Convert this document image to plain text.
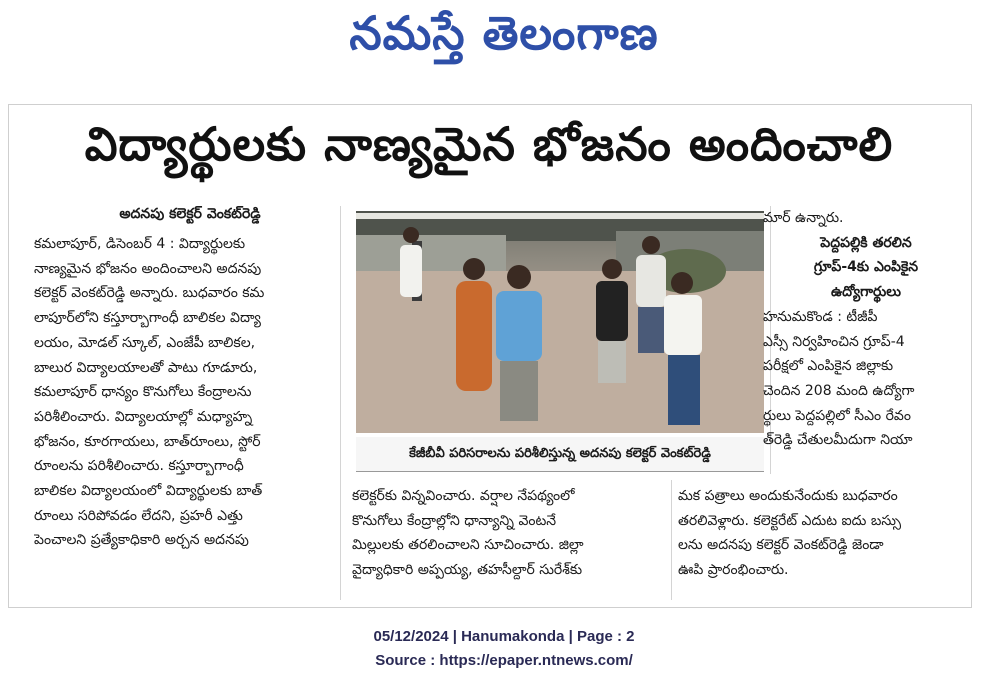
నమస్తే తెలంగాణ
విద్యార్థులకు నాణ్యమైన భోజనం అందించాలి
అదనపు కలెక్టర్ వెంకట్‌రెడ్డి
కమలాపూర్, డిసెంబర్ 4 : విద్యార్థులకు
నాణ్యమైన భోజనం అందించాలని అదనపు
కలెక్టర్ వెంకట్‌రెడ్డి అన్నారు. బుధవారం కమ
లాపూర్‌లోని కస్తూర్బాగాంధీ బాలికల విద్యా
లయం, మోడల్ స్కూల్, ఎంజేపీ బాలికల,
బాలుర విద్యాలయాలతో పాటు గూడూరు,
కమలాపూర్ ధాన్యం కొనుగోలు కేంద్రాలను
పరిశీలించారు. విద్యాలయాల్లో మధ్యాహ్న
భోజనం, కూరగాయలు, బాత్‌రూంలు, స్టోర్
రూంలను పరిశీలించారు. కస్తూర్బాగాంధీ
బాలికల విద్యాలయంలో విద్యార్థులకు బాత్
రూంలు సరిపోవడం లేదని, ప్రహరీ ఎత్తు
పెంచాలని ప్రత్యేకాధికారి అర్చన అదనపు
కేజీబీవీ పరిసరాలను పరిశీలిస్తున్న అదనపు కలెక్టర్ వెంకట్‌రెడ్డి
కలెక్టర్‌కు విన్నవించారు. వర్షాల నేపథ్యంలో
కొనుగోలు కేంద్రాల్లోని ధాన్యాన్ని వెంటనే
మిల్లులకు తరలించాలని సూచించారు. జిల్లా
వైద్యాధికారి అప్పయ్య, తహసీల్దార్ సురేశ్‌కు
మక పత్రాలు అందుకునేందుకు బుధవారం
తరలివెళ్లారు. కలెక్టరేట్ ఎదుట ఐదు బస్సు
లను అదనపు కలెక్టర్ వెంకట్‌రెడ్డి జెండా
ఊపి ప్రారంభించారు.
మార్ ఉన్నారు.
పెద్దపల్లికి తరలిన
గ్రూప్-4కు ఎంపికైన
ఉద్యోగార్థులు
హనుమకొండ : టీజీపీ
ఎస్సీ నిర్వహించిన గ్రూప్-4
పరీక్షలో ఎంపికైన జిల్లాకు
చెందిన 208 మంది ఉద్యోగా
ర్థులు పెద్దపల్లిలో సీఎం రేవం
త్‌రెడ్డి చేతులమీదుగా నియా
05/12/2024 | Hanumakonda | Page : 2
Source : https://epaper.ntnews.com/
